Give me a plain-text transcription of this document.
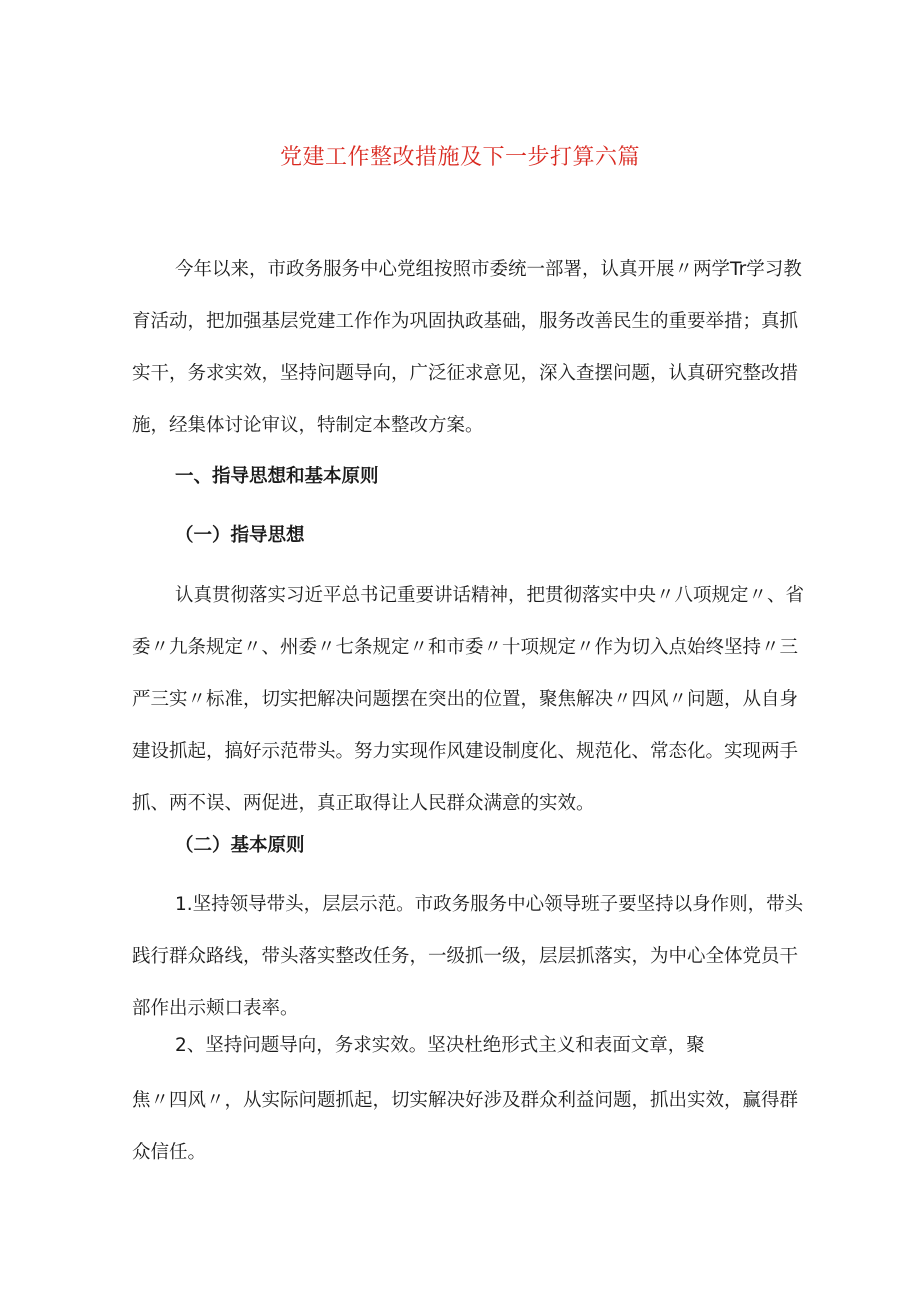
党建工作整改措施及下一步打算六篇

今年以来，市政务服务中心党组按照市委统一部署，认真开展〃两学Tr学习教育活动，把加强基层党建工作作为巩固执政基础，服务改善民生的重要举措；真抓实干，务求实效，坚持问题导向，广泛征求意见，深入查摆问题，认真研究整改措施，经集体讨论审议，特制定本整改方案。

一、指导思想和基本原则
（一）指导思想

认真贯彻落实习近平总书记重要讲话精神，把贯彻落实中央〃八项规定〃、省委〃九条规定〃、州委〃七条规定〃和市委〃十项规定〃作为切入点始终坚持〃三严三实〃标准，切实把解决问题摆在突出的位置，聚焦解决〃四风〃问题，从自身建设抓起，搞好示范带头。努力实现作风建设制度化、规范化、常态化。实现两手抓、两不误、两促进，真正取得让人民群众满意的实效。

（二）基本原则

1.坚持领导带头，层层示范。市政务服务中心领导班子要坚持以身作则，带头践行群众路线，带头落实整改任务，一级抓一级，层层抓落实，为中心全体党员干部作出示颊口表率。

2、坚持问题导向，务求实效。坚决杜绝形式主义和表面文章，聚

焦〃四风〃，从实际问题抓起，切实解决好涉及群众利益问题，抓出实效，赢得群众信任。
